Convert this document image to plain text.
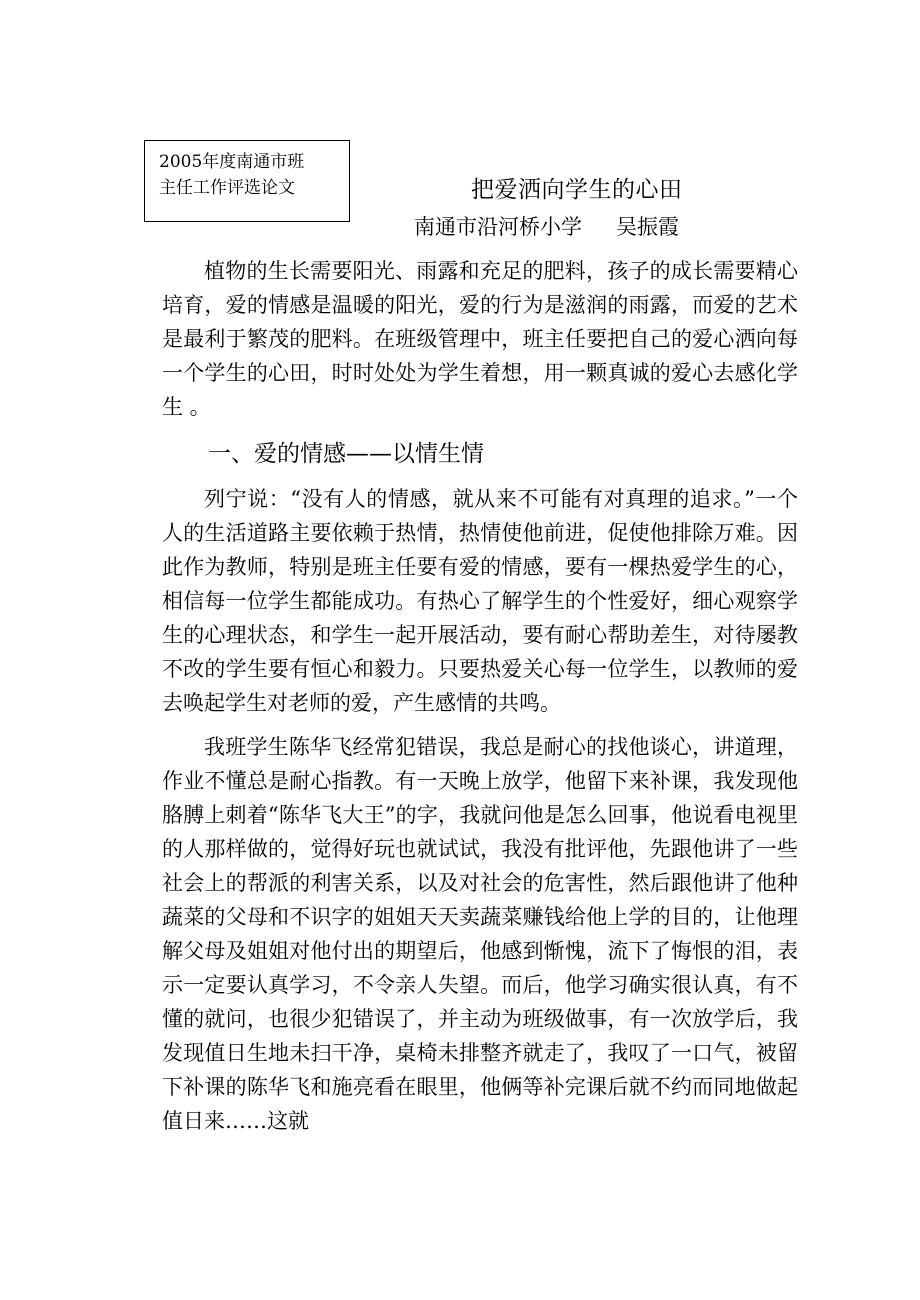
2005年度南通市班
主任工作评选论文	把爱洒向学生的心田
南通市沿河桥小学 吴振霞

植物的生长需要阳光、雨露和充足的肥料，孩子的成长需要精心培育，爱的情感是温暖的阳光，爱的行为是滋润的雨露，而爱的艺术是最利于繁茂的肥料。在班级管理中，班主任要把自己的爱心洒向每一个学生的心田，时时处处为学生着想，用一颗真诚的爱心去感化学生 。

一、爱的情感——以情生情

列宁说：“没有人的情感，就从来不可能有对真理的追求。”一个人的生活道路主要依赖于热情，热情使他前进，促使他排除万难。因此作为教师，特别是班主任要有爱的情感，要有一棵热爱学生的心，相信每一位学生都能成功。有热心了解学生的个性爱好，细心观察学生的心理状态，和学生一起开展活动，要有耐心帮助差生，对待屡教不改的学生要有恒心和毅力。只要热爱关心每一位学生，以教师的爱去唤起学生对老师的爱，产生感情的共鸣。

我班学生陈华飞经常犯错误，我总是耐心的找他谈心，讲道理，作业不懂总是耐心指教。有一天晚上放学，他留下来补课，我发现他胳膊上刺着“陈华飞大王”的字，我就问他是怎么回事，他说看电视里的人那样做的，觉得好玩也就试试，我没有批评他，先跟他讲了一些社会上的帮派的利害关系，以及对社会的危害性，然后跟他讲了他种蔬菜的父母和不识字的姐姐天天卖蔬菜赚钱给他上学的目的，让他理解父母及姐姐对他付出的期望后，他感到惭愧，流下了悔恨的泪，表示一定要认真学习，不令亲人失望。而后，他学习确实很认真，有不懂的就问，也很少犯错误了，并主动为班级做事，有一次放学后，我发现值日生地未扫干净，桌椅未排整齐就走了，我叹了一口气，被留下补课的陈华飞和施亮看在眼里，他俩等补完课后就不约而同地做起值日来……这就
